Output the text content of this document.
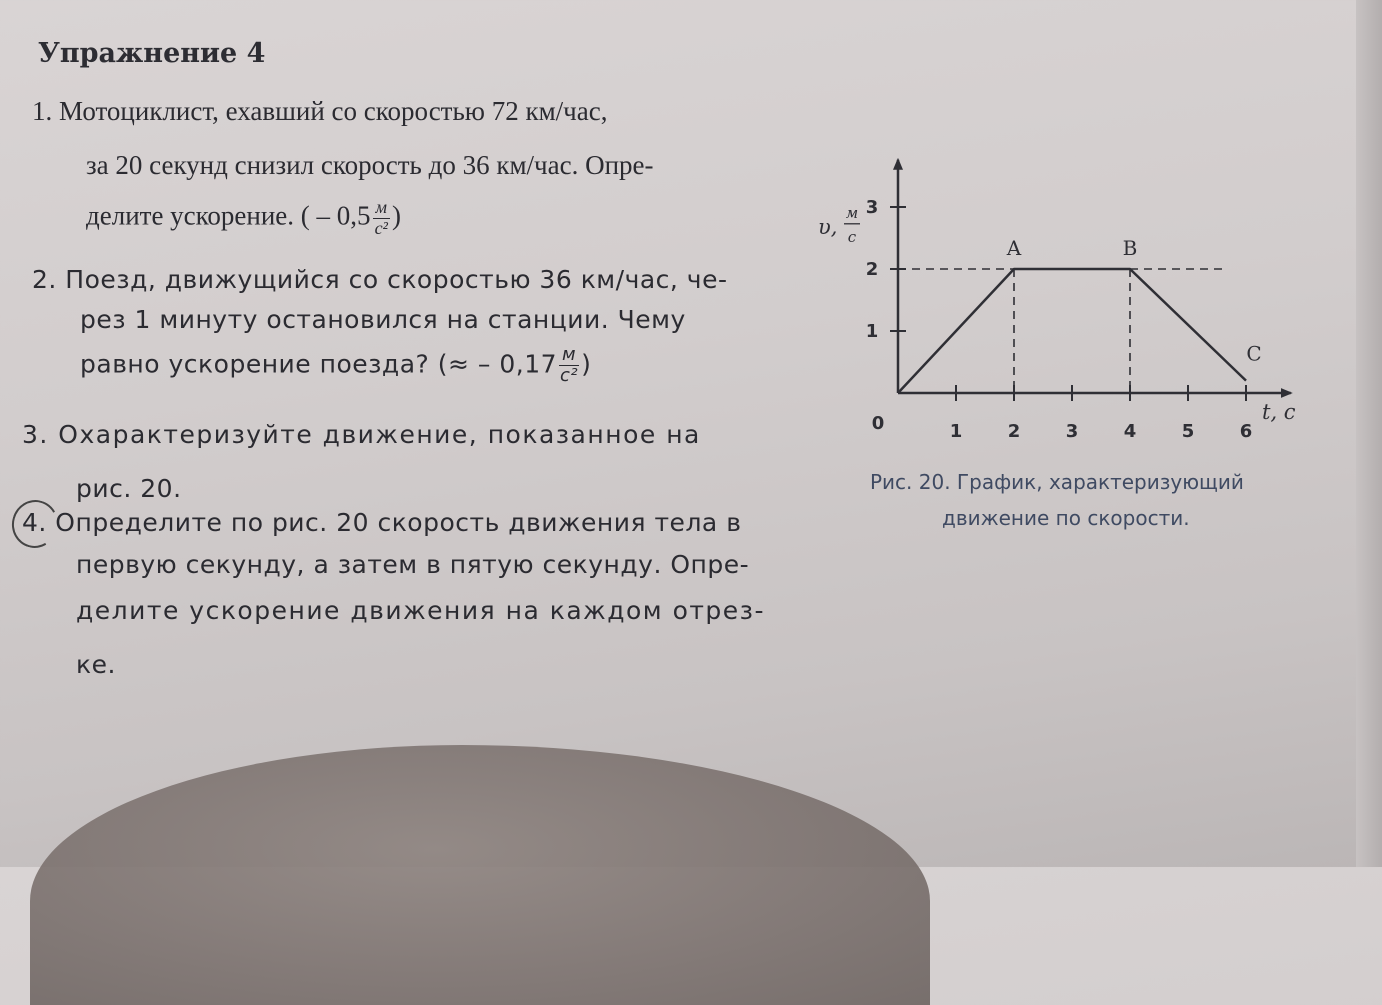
Упражнение 4
1. Мотоциклист, ехавший со скоростью 72 км/час,
за 20 секунд снизил скорость до 36 км/час. Опре-
делите ускорение. ( – $0,5 \frac{м}{\text{с²}}$ )
2. Поезд, движущийся со скоростью 36 км/час, че-
рез 1 минуту остановился на станции. Чему
равно ускорение поезда? (≈ – $0,17 \frac{м}{\text{с²}}$ )
3. Охарактеризуйте движение, показанное на
рис. 20.
4. Определите по рис. 20 скорость движения тела в
первую секунду, а затем в пятую секунду. Опре-
делите ускорение движения на каждом отрез-
ке.
1	2	3	4	5	6
1
2
3
0
υ,
м
с
t, с
A	B
C
Рис. 20. График, характеризующий
движение по скорости.
